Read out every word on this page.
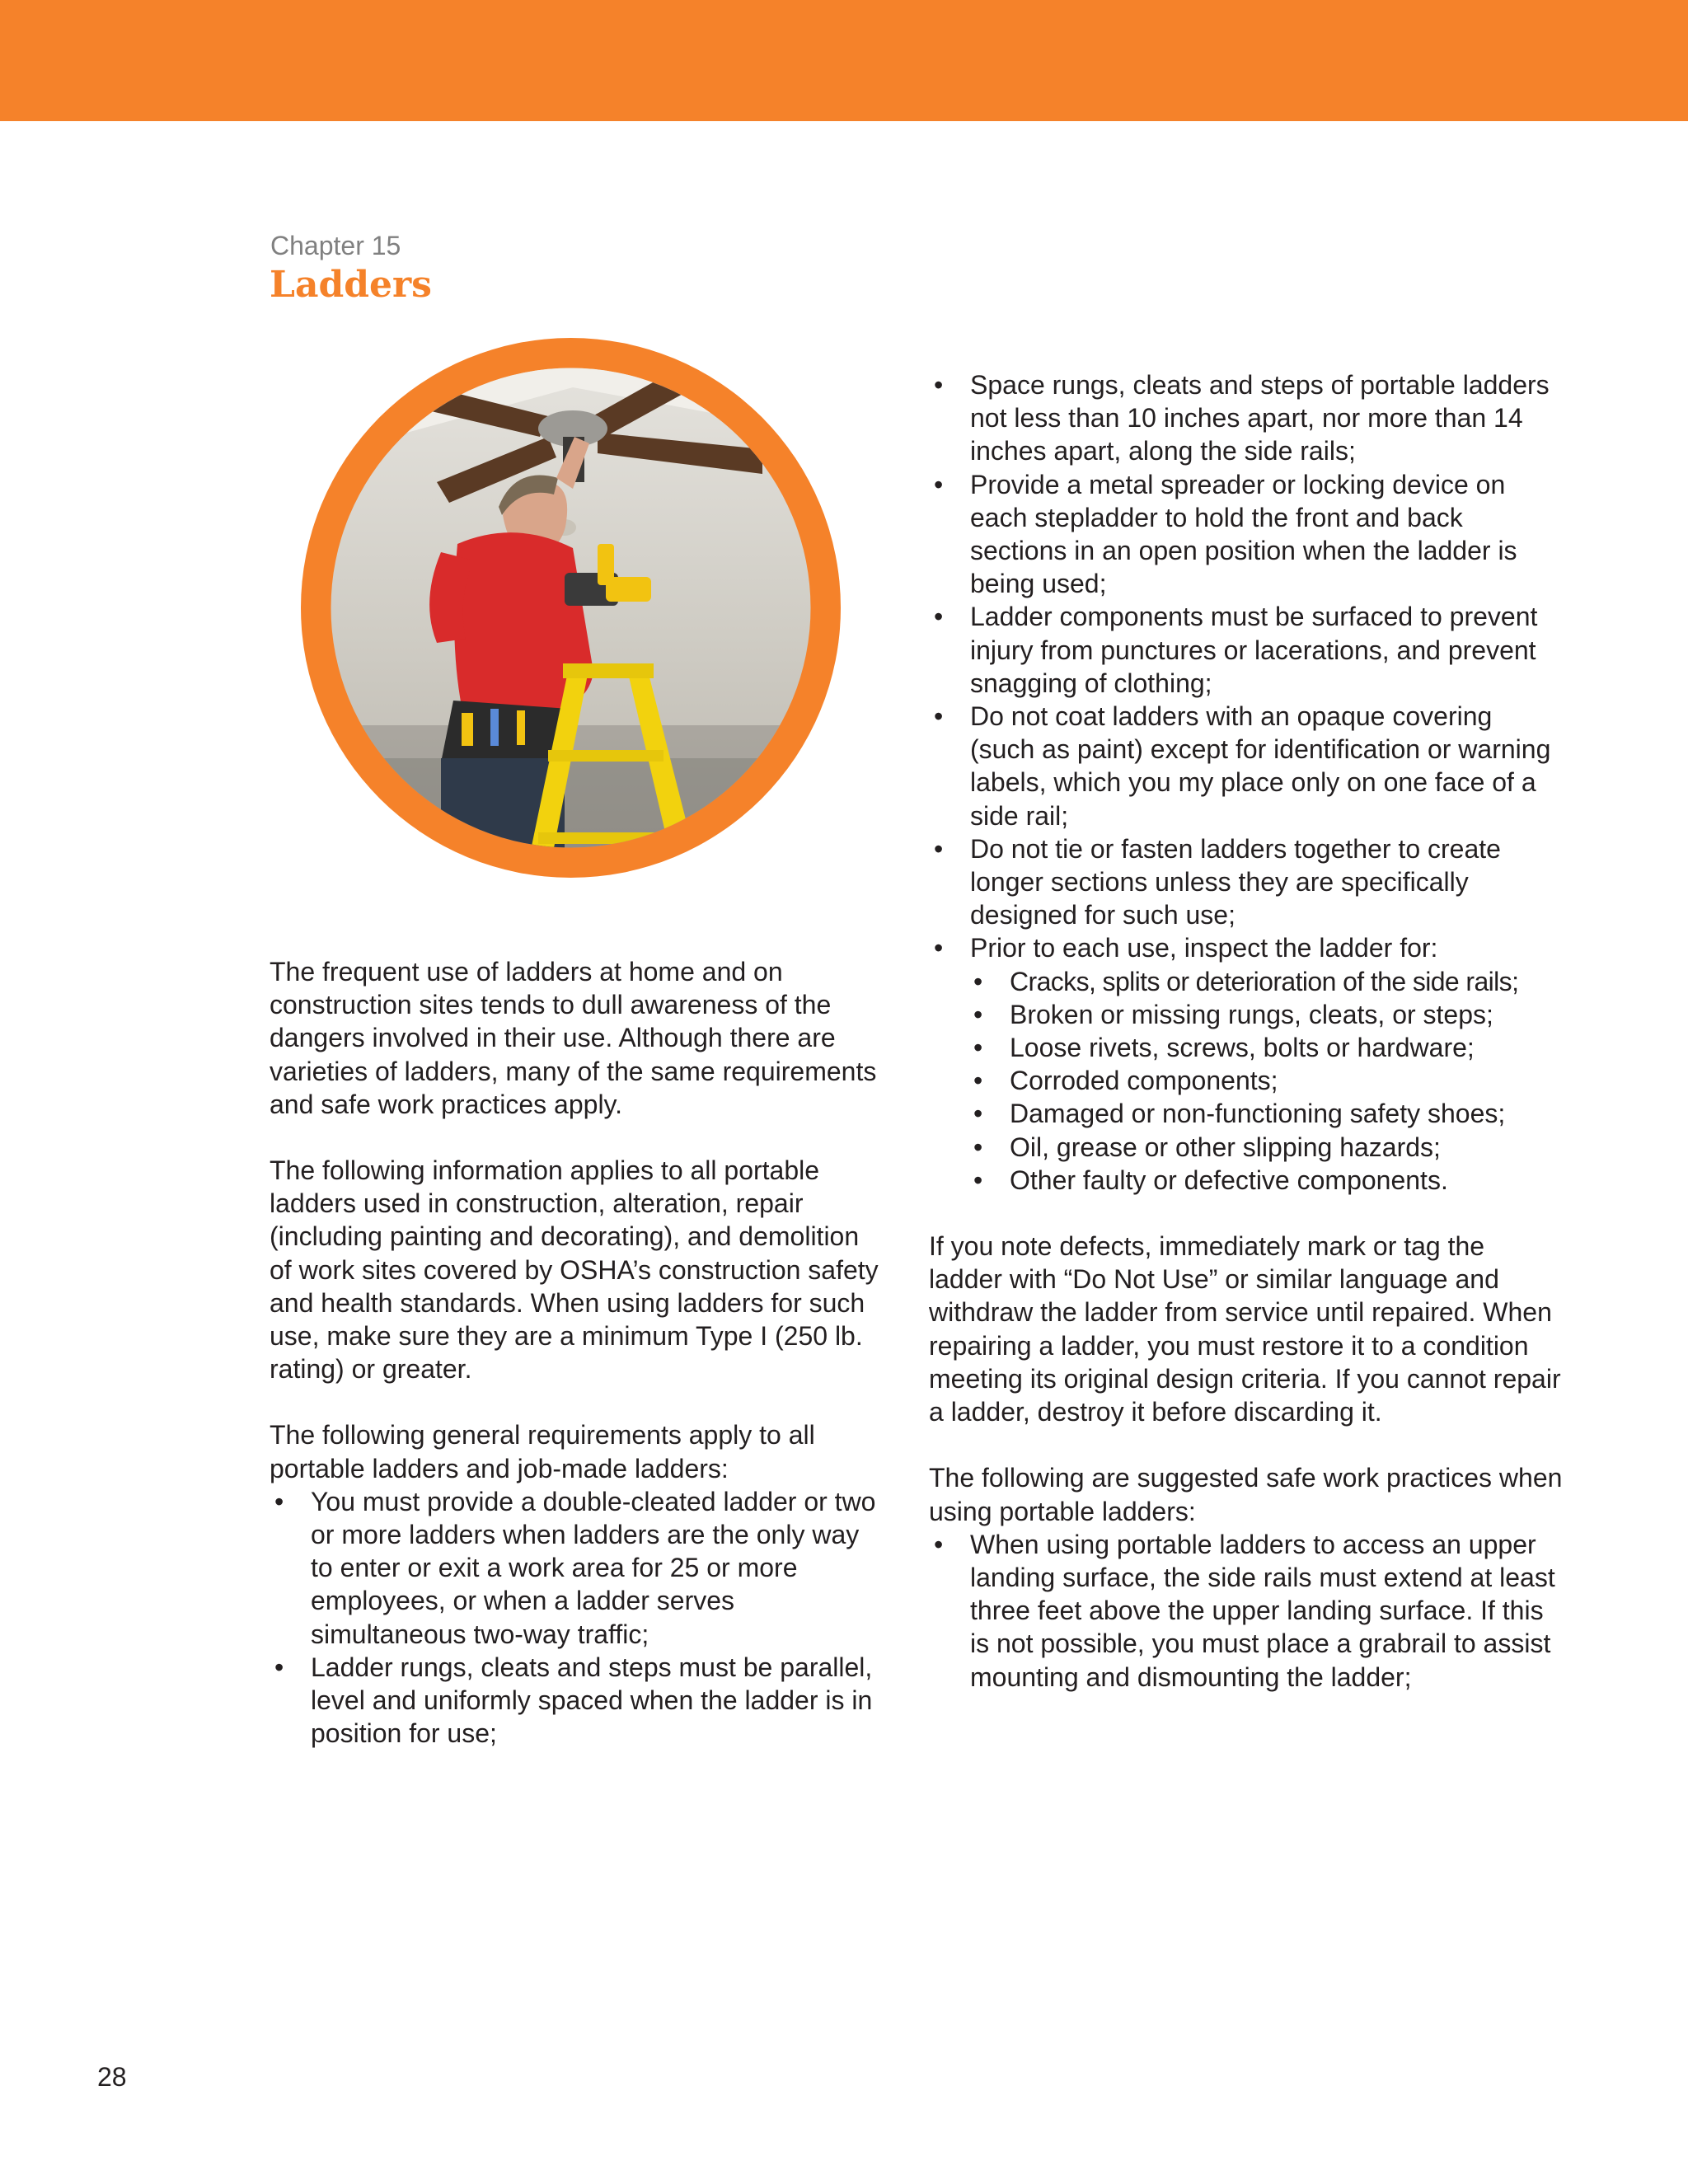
Chapter 15
Ladders

The frequent use of ladders at home and on construction sites tends to dull awareness of the dangers involved in their use. Although there are varieties of ladders, many of the same requirements and safe work practices apply.

The following information applies to all portable ladders used in construction, alteration, repair (including painting and decorating), and demolition of work sites covered by OSHA’s construction safety and health standards. When using ladders for such use, make sure they are a minimum Type I (250 lb. rating) or greater.

The following general requirements apply to all portable ladders and job-made ladders:

• You must provide a double-cleated ladder or two or more ladders when ladders are the only way to enter or exit a work area for 25 or more employees, or when a ladder serves simultaneous two-way traffic;
• Ladder rungs, cleats and steps must be parallel, level and uniformly spaced when the ladder is in position for use;
• Space rungs, cleats and steps of portable ladders not less than 10 inches apart, nor more than 14 inches apart, along the side rails;
• Provide a metal spreader or locking device on each stepladder to hold the front and back sections in an open position when the ladder is being used;
• Ladder components must be surfaced to prevent injury from punctures or lacerations, and prevent snagging of clothing;
• Do not coat ladders with an opaque covering (such as paint) except for identification or warning labels, which you my place only on one face of a side rail;
• Do not tie or fasten ladders together to create longer sections unless they are specifically designed for such use;
• Prior to each use, inspect the ladder for:
• Cracks, splits or deterioration of the side rails;
• Broken or missing rungs, cleats, or steps;
• Loose rivets, screws, bolts or hardware;
• Corroded components;
• Damaged or non-functioning safety shoes;
• Oil, grease or other slipping hazards;
• Other faulty or defective components.

If you note defects, immediately mark or tag the ladder with “Do Not Use” or similar language and withdraw the ladder from service until repaired. When repairing a ladder, you must restore it to a condition meeting its original design criteria. If you cannot repair a ladder, destroy it before discarding it.

The following are suggested safe work practices when using portable ladders:

• When using portable ladders to access an upper landing surface, the side rails must extend at least three feet above the upper landing surface. If this is not possible, you must place a grabrail to assist mounting and dismounting the ladder;
28
